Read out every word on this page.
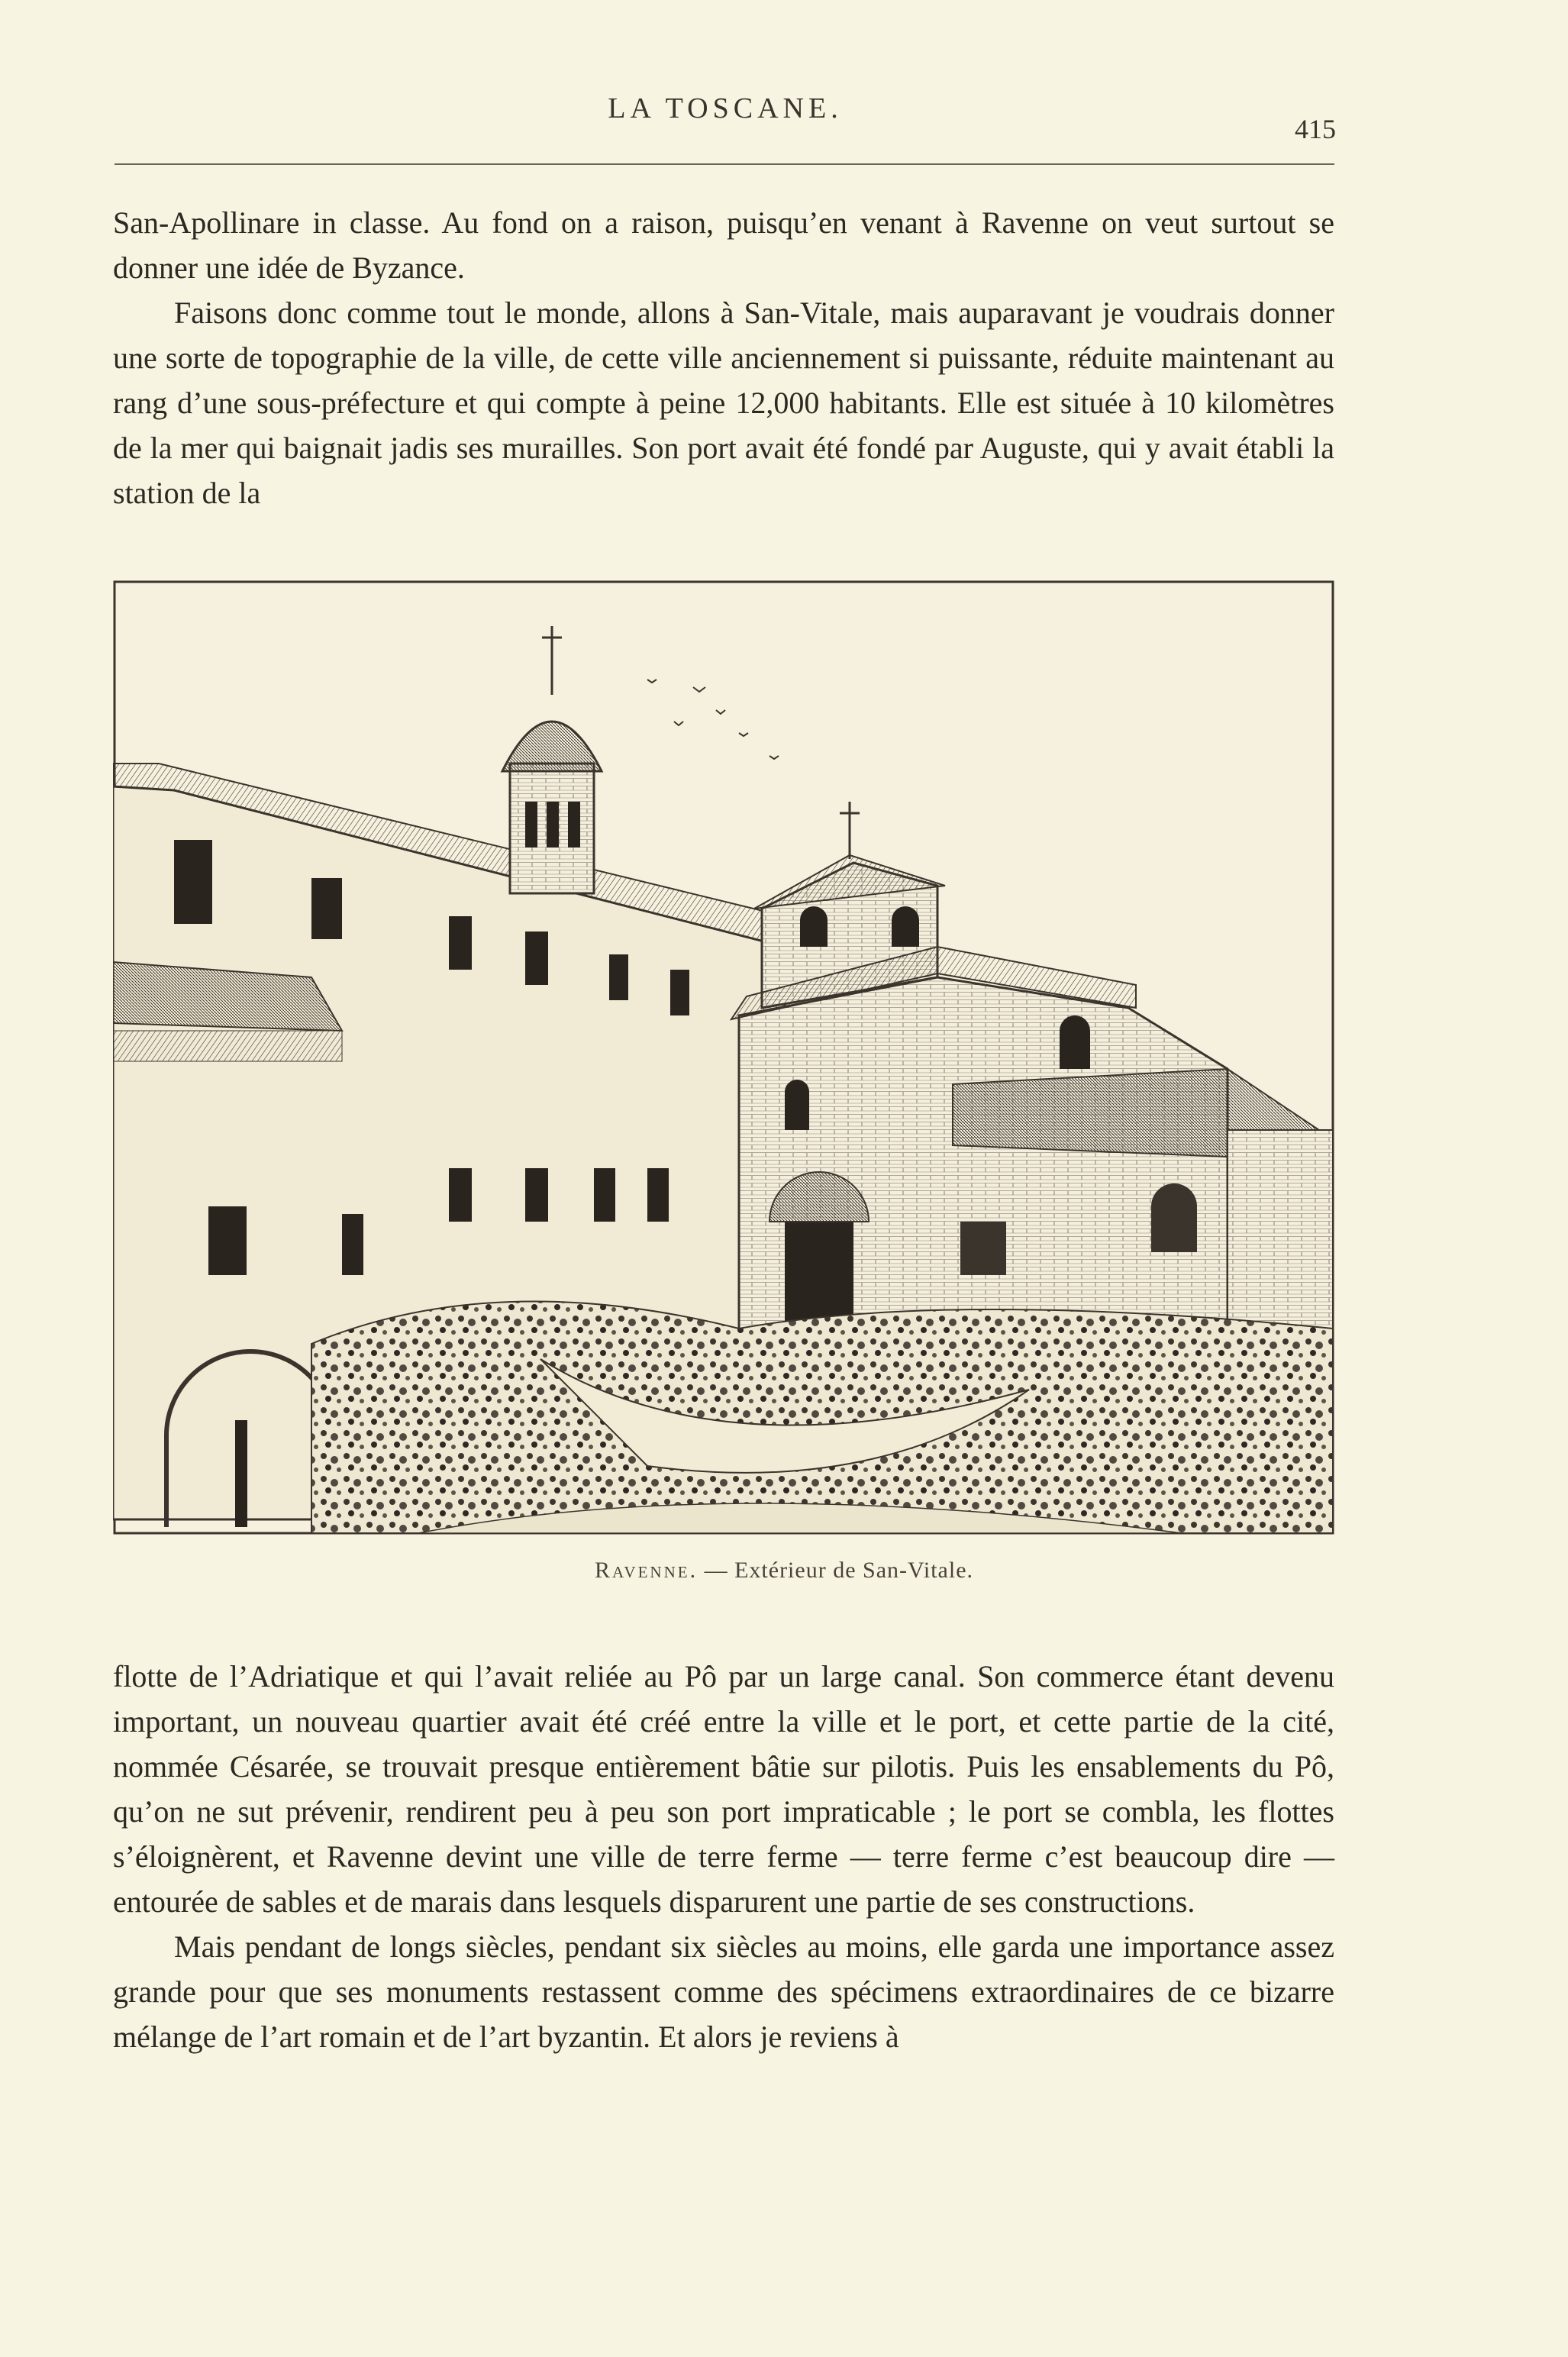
LA TOSCANE.
415

San-Apollinare in classe. Au fond on a raison, puisqu’en venant à Ravenne on veut surtout se donner une idée de Byzance.

Faisons donc comme tout le monde, allons à San-Vitale, mais auparavant je voudrais donner une sorte de topographie de la ville, de cette ville anciennement si puissante, réduite maintenant au rang d’une sous-préfecture et qui compte à peine 12,000 habitants. Elle est située à 10 kilomètres de la mer qui baignait jadis ses murailles. Son port avait été fondé par Auguste, qui y avait établi la station de la

Ravenne. — Extérieur de San-Vitale.

flotte de l’Adriatique et qui l’avait reliée au Pô par un large canal. Son commerce étant devenu important, un nouveau quartier avait été créé entre la ville et le port, et cette partie de la cité, nommée Césarée, se trouvait presque entièrement bâtie sur pilotis. Puis les ensablements du Pô, qu’on ne sut prévenir, rendirent peu à peu son port impraticable ; le port se combla, les flottes s’éloignèrent, et Ravenne devint une ville de terre ferme — terre ferme c’est beaucoup dire — entourée de sables et de marais dans lesquels disparurent une partie de ses constructions.

Mais pendant de longs siècles, pendant six siècles au moins, elle garda une importance assez grande pour que ses monuments restassent comme des spécimens extraordinaires de ce bizarre mélange de l’art romain et de l’art byzantin. Et alors je reviens à
